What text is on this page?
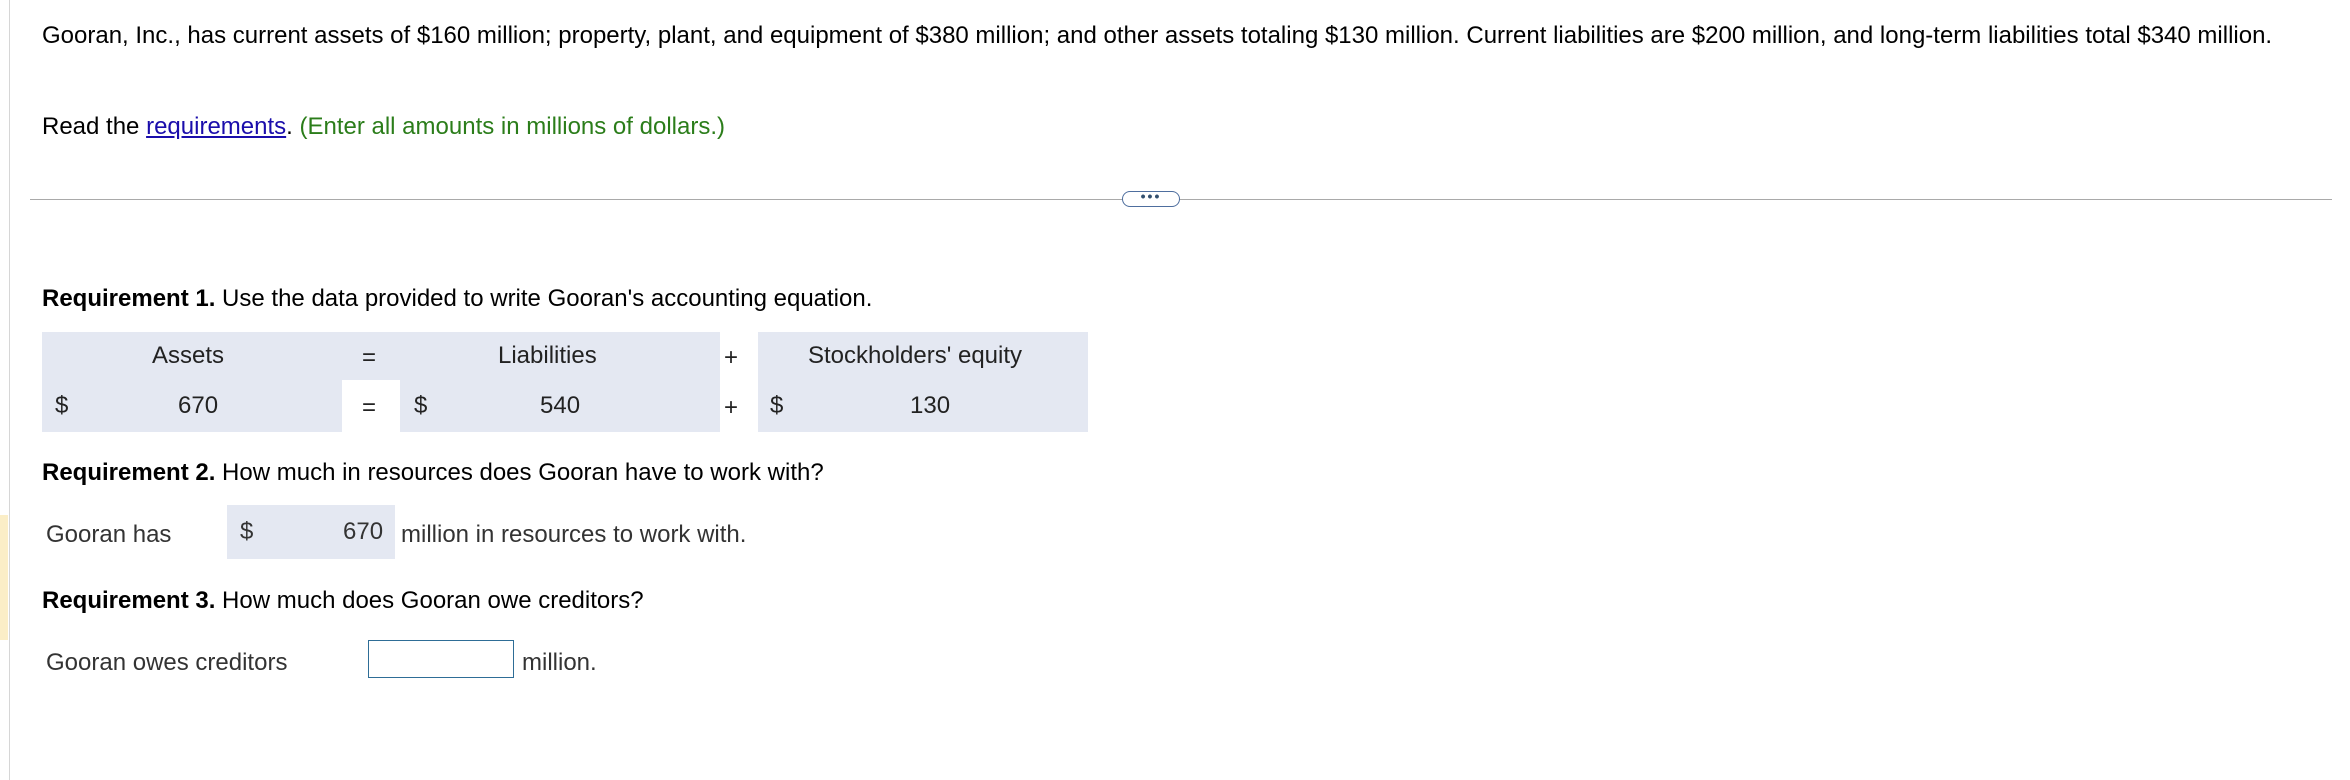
Gooran, Inc., has current assets of $160 million; property, plant, and equipment of $380 million; and other assets totaling $130 million. Current liabilities are $200 million, and long-term liabilities total $340 million.
Read the requirements. (Enter all amounts in millions of dollars.)
•••
Requirement 1. Use the data provided to write Gooran's accounting equation.
Assets	=	Liabilities	+	Stockholders' equity
$	670	= $	540	+ $	130
Requirement 2. How much in resources does Gooran have to work with?
Gooran has	$	670 million in resources to work with.
Requirement 3. How much does Gooran owe creditors?
Gooran owes creditors	million.
